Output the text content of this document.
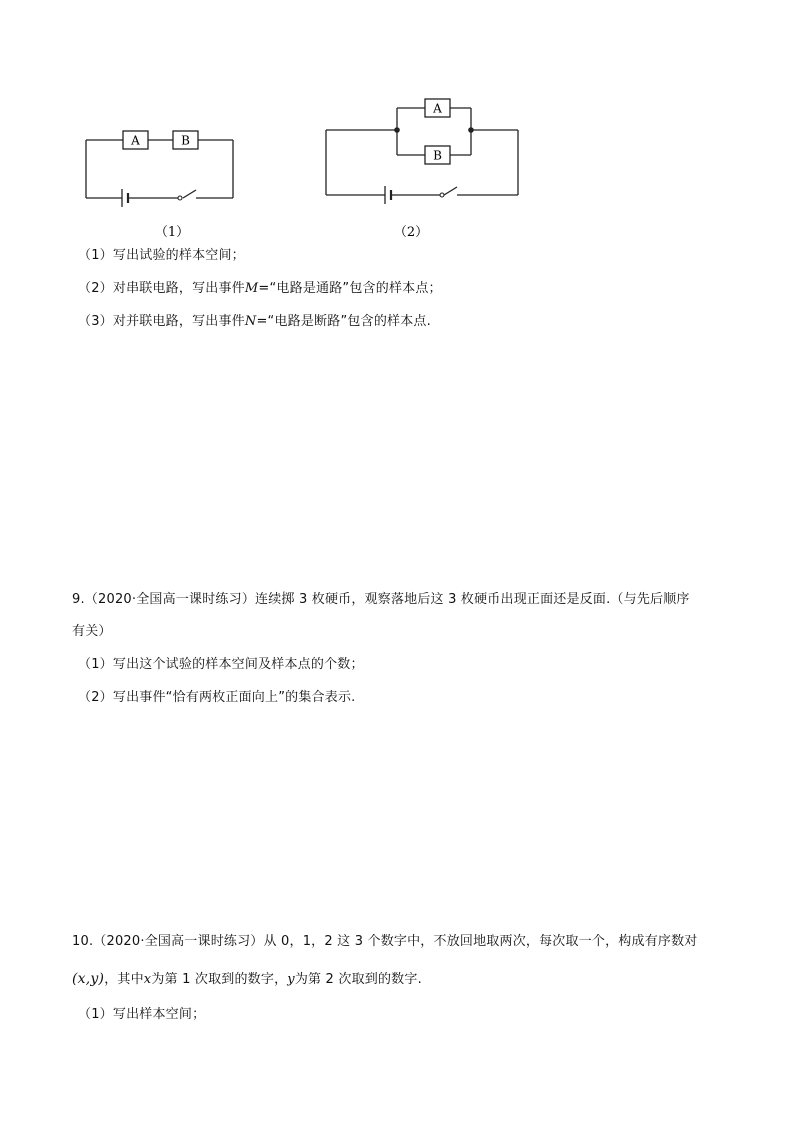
A	B
（1）
A
B
（2）
（1）写出试验的样本空间；
（2）对串联电路，写出事件M=“电路是通路”包含的样本点；
（3）对并联电路，写出事件N=“电路是断路”包含的样本点.
9.（2020·全国高一课时练习）连续掷 3 枚硬币，观察落地后这 3 枚硬币出现正面还是反面.（与先后顺序
有关）
（1）写出这个试验的样本空间及样本点的个数；
（2）写出事件“恰有两枚正面向上”的集合表示.
10.（2020·全国高一课时练习）从 0，1，2 这 3 个数字中，不放回地取两次，每次取一个，构成有序数对
(x,y)，其中x为第 1 次取到的数字，y为第 2 次取到的数字.
（1）写出样本空间；
